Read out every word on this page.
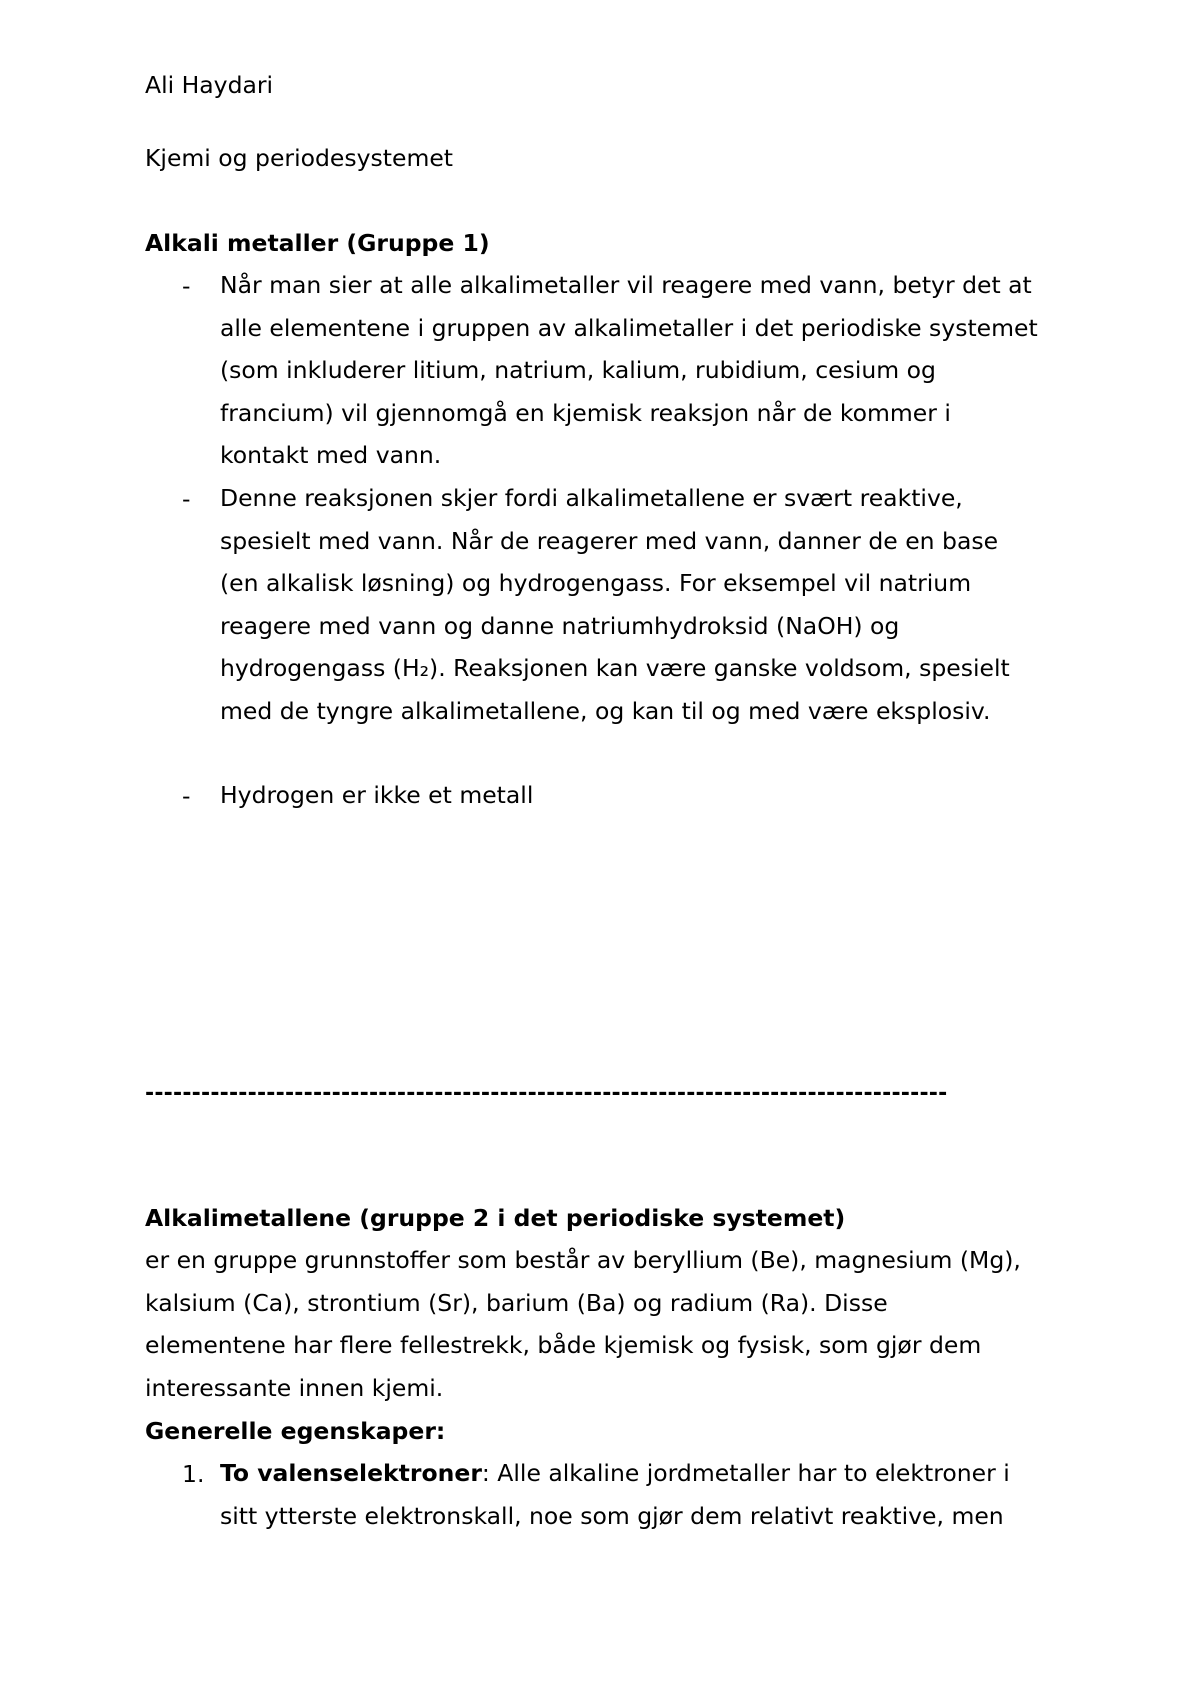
Ali Haydari
Kjemi og periodesystemet
Alkali metaller (Gruppe 1)
- Når man sier at alle alkalimetaller vil reagere med vann, betyr det at
alle elementene i gruppen av alkalimetaller i det periodiske systemet
(som inkluderer litium, natrium, kalium, rubidium, cesium og
francium) vil gjennomgå en kjemisk reaksjon når de kommer i
kontakt med vann.
- Denne reaksjonen skjer fordi alkalimetallene er svært reaktive,
spesielt med vann. Når de reagerer med vann, danner de en base
(en alkalisk løsning) og hydrogengass. For eksempel vil natrium
reagere med vann og danne natriumhydroksid (NaOH) og
hydrogengass (H₂). Reaksjonen kan være ganske voldsom, spesielt
med de tyngre alkalimetallene, og kan til og med være eksplosiv.
- Hydrogen er ikke et metall
--------------------------------------------------------------------------------------
Alkalimetallene (gruppe 2 i det periodiske systemet)
er en gruppe grunnstoffer som består av beryllium (Be), magnesium (Mg),
kalsium (Ca), strontium (Sr), barium (Ba) og radium (Ra). Disse
elementene har flere fellestrekk, både kjemisk og fysisk, som gjør dem
interessante innen kjemi.
Generelle egenskaper:
1. To valenselektroner: Alle alkaline jordmetaller har to elektroner i
sitt ytterste elektronskall, noe som gjør dem relativt reaktive, men
